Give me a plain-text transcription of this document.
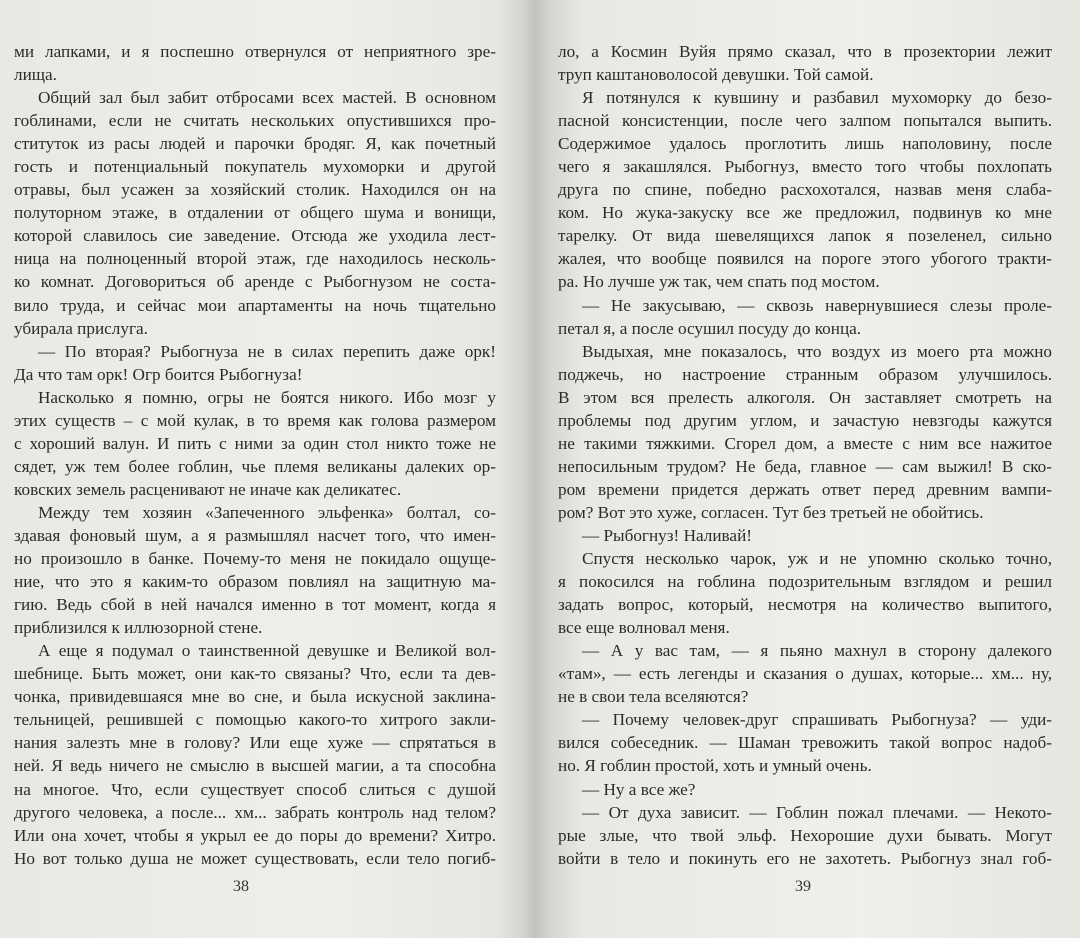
ми лапками, и я поспешно отвернулся от неприятного зре-
лища.
Общий зал был забит отбросами всех мастей. В основном
гоблинами, если не считать нескольких опустившихся про-
ституток из расы людей и парочки бродяг. Я, как почетный
гость и потенциальный покупатель мухоморки и другой
отравы, был усажен за хозяйский столик. Находился он на
полуторном этаже, в отдалении от общего шума и вонищи,
которой славилось сие заведение. Отсюда же уходила лест-
ница на полноценный второй этаж, где находилось несколь-
ко комнат. Договориться об аренде с Рыбогнузом не соста-
вило труда, и сейчас мои апартаменты на ночь тщательно
убирала прислуга.
— По вторая? Рыбогнуза не в силах перепить даже орк!
Да что там орк! Огр боится Рыбогнуза!
Насколько я помню, огры не боятся никого. Ибо мозг у
этих существ – с мой кулак, в то время как голова размером
с хороший валун. И пить с ними за один стол никто тоже не
сядет, уж тем более гоблин, чье племя великаны далеких ор-
ковских земель расценивают не иначе как деликатес.
Между тем хозяин «Запеченного эльфенка» болтал, со-
здавая фоновый шум, а я размышлял насчет того, что имен-
но произошло в банке. Почему-то меня не покидало ощуще-
ние, что это я каким-то образом повлиял на защитную ма-
гию. Ведь сбой в ней начался именно в тот момент, когда я
приблизился к иллюзорной стене.
А еще я подумал о таинственной девушке и Великой вол-
шебнице. Быть может, они как-то связаны? Что, если та дев-
чонка, привидевшаяся мне во сне, и была искусной заклина-
тельницей, решившей с помощью какого-то хитрого закли-
нания залезть мне в голову? Или еще хуже — спрятаться в
ней. Я ведь ничего не смыслю в высшей магии, а та способна
на многое. Что, если существует способ слиться с душой
другого человека, а после... хм... забрать контроль над телом?
Или она хочет, чтобы я укрыл ее до поры до времени? Хитро.
Но вот только душа не может существовать, если тело погиб-
38
ло, а Космин Вуйя прямо сказал, что в прозектории лежит
труп каштановолосой девушки. Той самой.
Я потянулся к кувшину и разбавил мухоморку до безо-
пасной консистенции, после чего залпом попытался выпить.
Содержимое удалось проглотить лишь наполовину, после
чего я закашлялся. Рыбогнуз, вместо того чтобы похлопать
друга по спине, победно расхохотался, назвав меня слаба-
ком. Но жука-закуску все же предложил, подвинув ко мне
тарелку. От вида шевелящихся лапок я позеленел, сильно
жалея, что вообще появился на пороге этого убогого тракти-
ра. Но лучше уж так, чем спать под мостом.
— Не закусываю, — сквозь навернувшиеся слезы проле-
петал я, а после осушил посуду до конца.
Выдыхая, мне показалось, что воздух из моего рта можно
поджечь, но настроение странным образом улучшилось.
В этом вся прелесть алкоголя. Он заставляет смотреть на
проблемы под другим углом, и зачастую невзгоды кажутся
не такими тяжкими. Сгорел дом, а вместе с ним все нажитое
непосильным трудом? Не беда, главное — сам выжил! В ско-
ром времени придется держать ответ перед древним вампи-
ром? Вот это хуже, согласен. Тут без третьей не обойтись.
— Рыбогнуз! Наливай!
Спустя несколько чарок, уж и не упомню сколько точно,
я покосился на гоблина подозрительным взглядом и решил
задать вопрос, который, несмотря на количество выпитого,
все еще волновал меня.
— А у вас там, — я пьяно махнул в сторону далекого
«там», — есть легенды и сказания о душах, которые... хм... ну,
не в свои тела вселяются?
— Почему человек-друг спрашивать Рыбогнуза? — уди-
вился собеседник. — Шаман тревожить такой вопрос надоб-
но. Я гоблин простой, хоть и умный очень.
— Ну а все же?
— От духа зависит. — Гоблин пожал плечами. — Некото-
рые злые, что твой эльф. Нехорошие духи бывать. Могут
войти в тело и покинуть его не захотеть. Рыбогнуз знал гоб-
39
